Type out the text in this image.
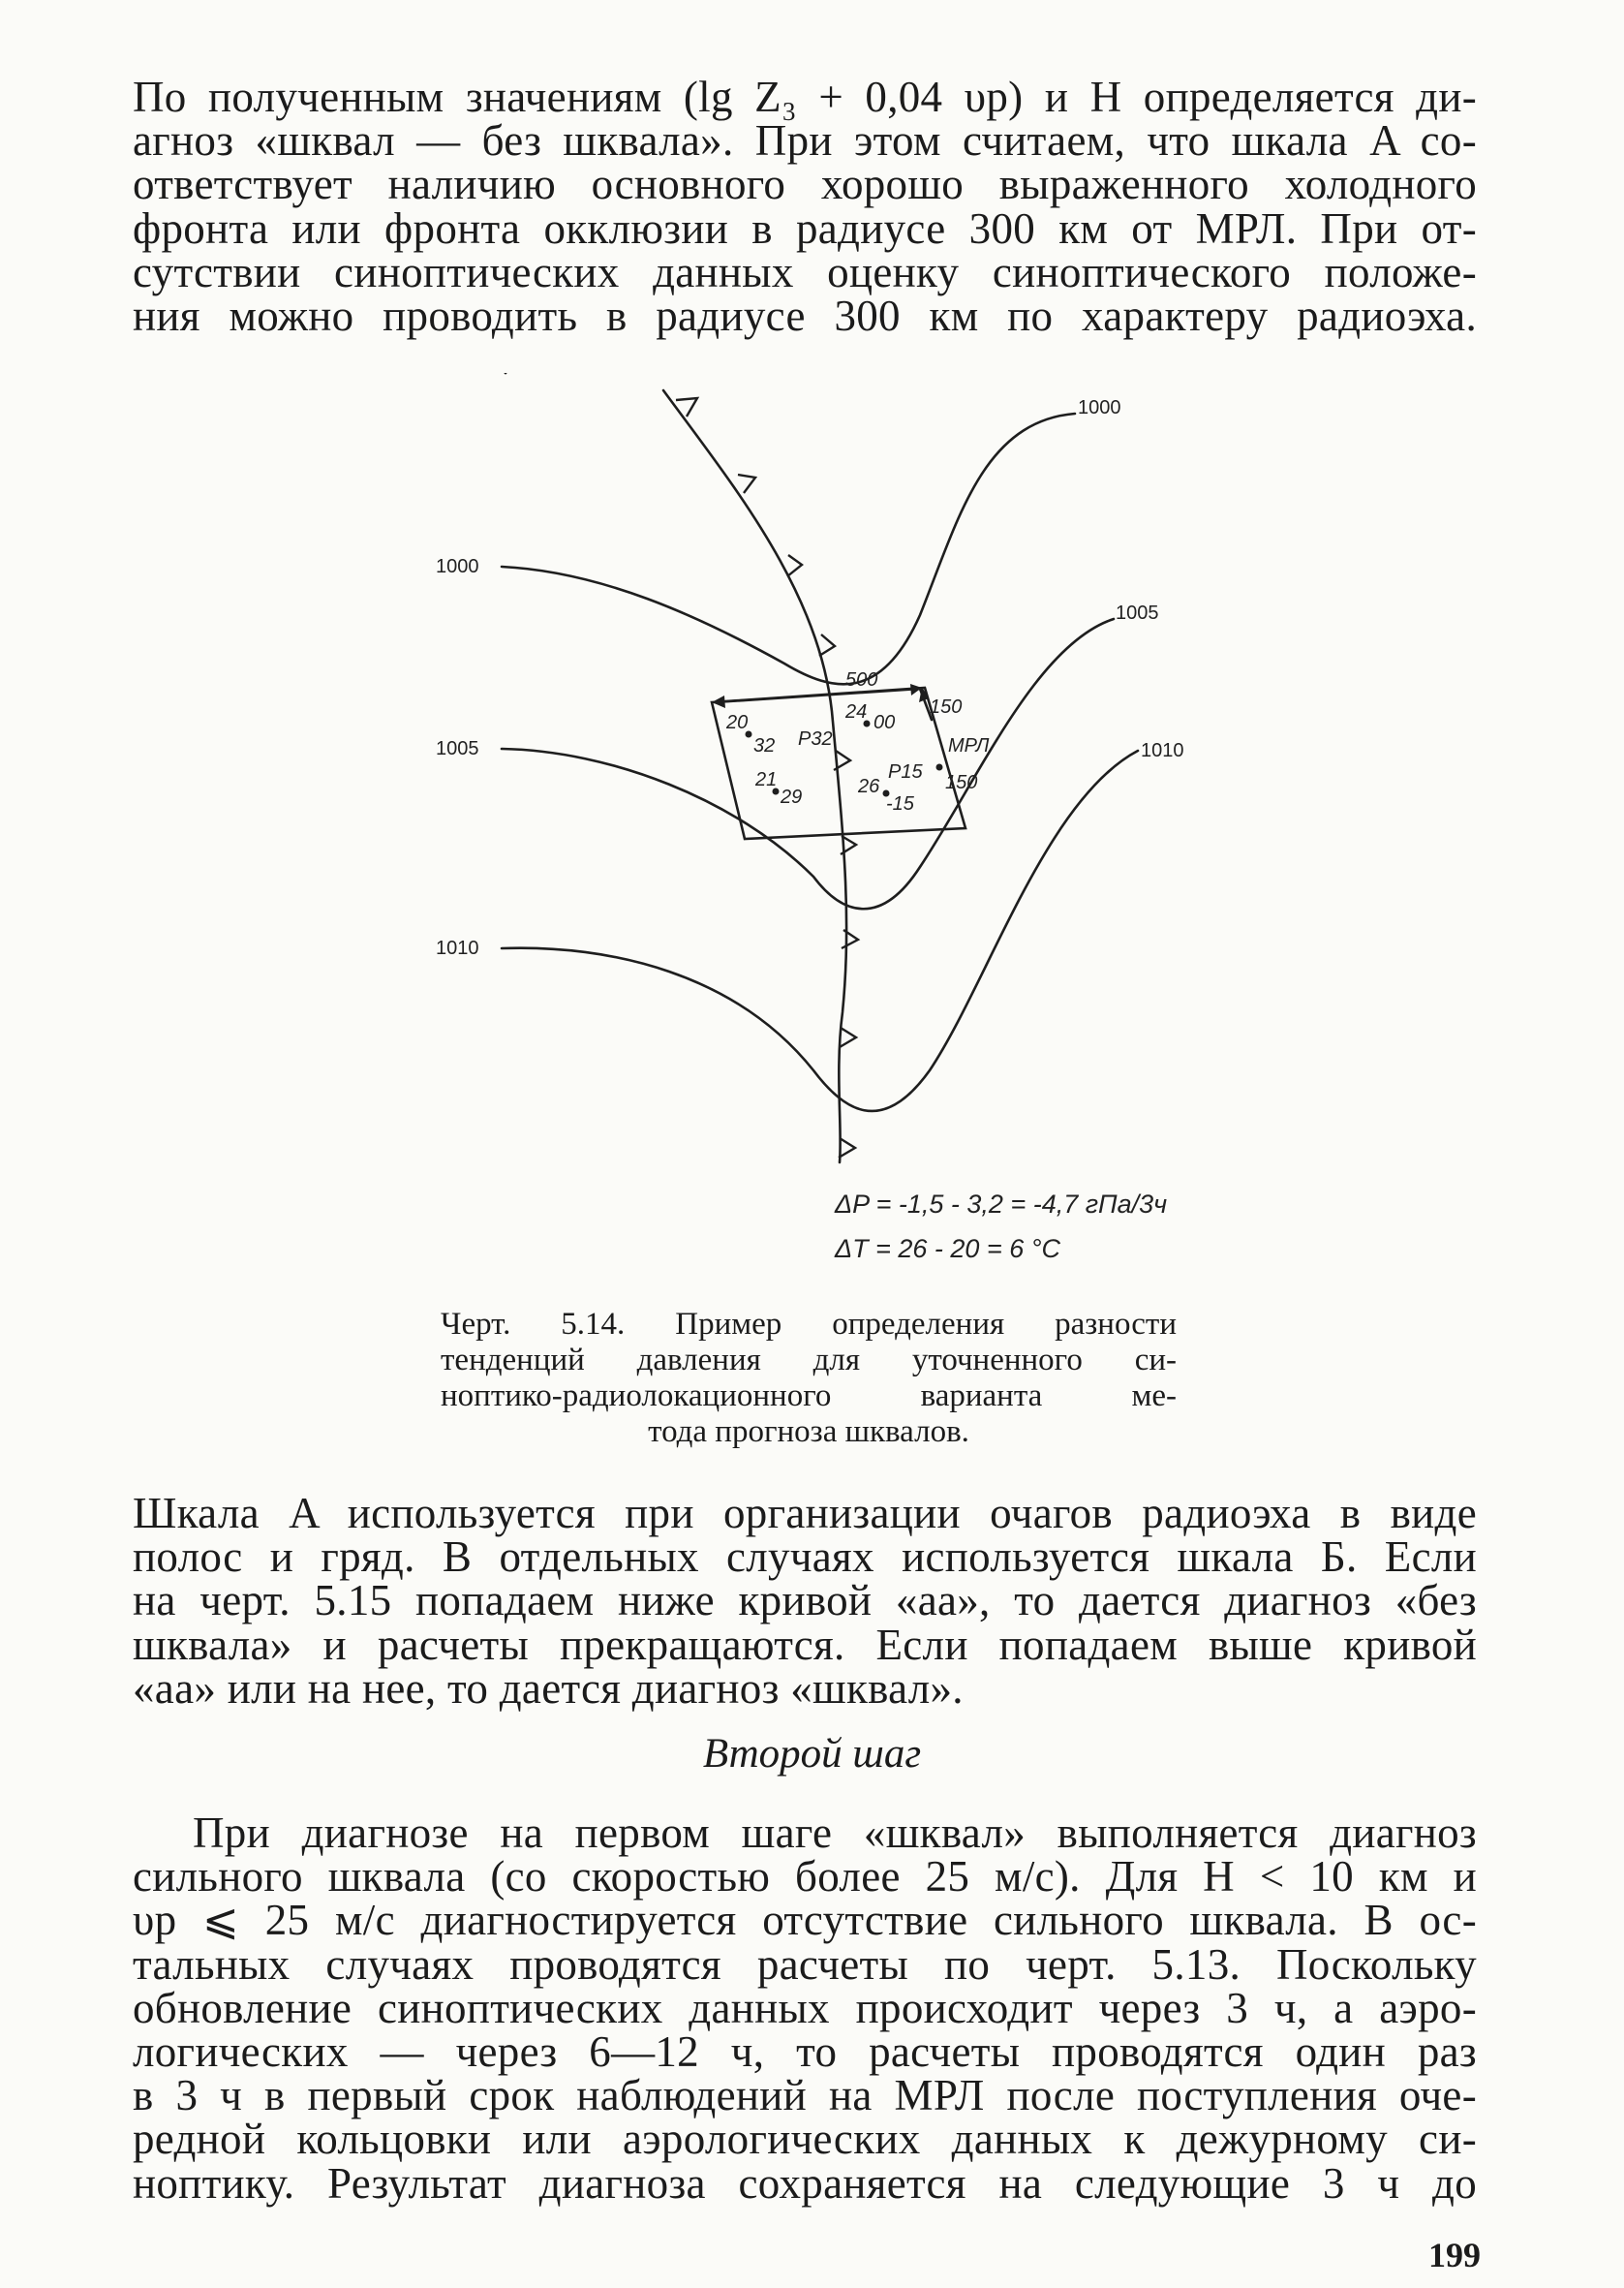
По полученным значениям (lg Z₃ + 0,04 υр) и H определяется ди-
агноз «шквал — без шквала». При этом считаем, что шкала A со-
ответствует наличию основного хорошо выраженного холодного
фронта или фронта окклюзии в радиусе 300 км от МРЛ. При от-
сутствии синоптических данных оценку синоптического положе-
ния можно проводить в радиусе 300 км по характеру радиоэха.
1000
1005
1010
1000
1005
1010
500
150
150
МРЛ
20
32 P32
24 00
21
29	26
-15
P15
ΔP = -1,5 - 3,2 = -4,7 гПа/3ч
ΔT = 26 - 20 = 6 °C
Черт. 5.14. Пример определения разности
тенденций давления для уточненного си-
ноптико-радиолокационного варианта ме-
тода прогноза шквалов.
Шкала A используется при организации очагов радиоэха в виде
полос и гряд. В отдельных случаях используется шкала Б. Если
на черт. 5.15 попадаем ниже кривой «аа», то дается диагноз «без
шквала» и расчеты прекращаются. Если попадаем выше кривой
«аа» или на нее, то дается диагноз «шквал».
Второй шаг
При диагнозе на первом шаге «шквал» выполняется диагноз
сильного шквала (со скоростью более 25 м/с). Для H < 10 км и
υр ⩽ 25 м/с диагностируется отсутствие сильного шквала. В ос-
тальных случаях проводятся расчеты по черт. 5.13. Поскольку
обновление синоптических данных происходит через 3 ч, а аэро-
логических — через 6—12 ч, то расчеты проводятся один раз
в 3 ч в первый срок наблюдений на МРЛ после поступления оче-
редной кольцовки или аэрологических данных к дежурному си-
ноптику. Результат диагноза сохраняется на следующие 3 ч до
199
